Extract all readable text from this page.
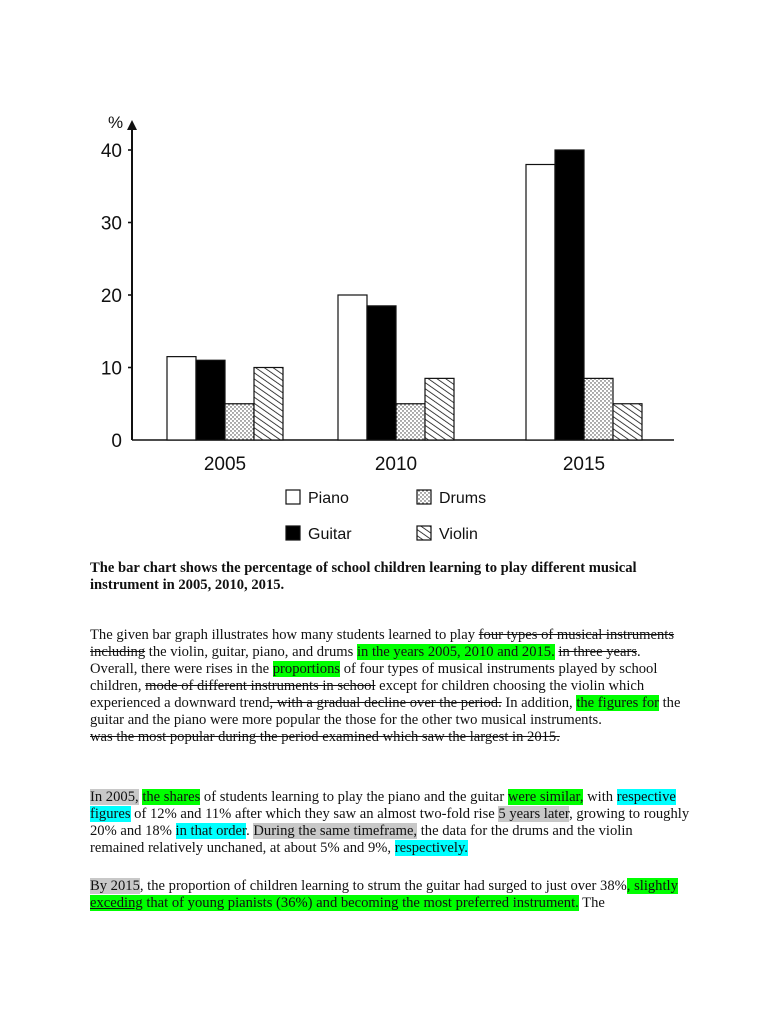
%
0
10
20
30
40
2005	2010	2015
Piano	Drums
Guitar	Violin
The bar chart shows the percentage of school children learning to play different musical instrument in 2005, 2010, 2015.

The given bar graph illustrates how many students learned to play four types of musical instruments including the violin, guitar, piano, and drums in the years 2005, 2010 and 2015. in three years. Overall, there were rises in the proportions of four types of musical instruments played by school children, mode of different instruments in school except for children choosing the violin which experienced a downward trend, with a gradual decline over the period. In addition, the figures for the guitar and the piano were more popular the those for the other two musical instruments.
was the most popular during the period examined which saw the largest in 2015.

In 2005, the shares of students learning to play the piano and the guitar were similar, with respective figures of 12% and 11% after which they saw an almost two-fold rise 5 years later, growing to roughly 20% and 18% in that order. During the same timeframe, the data for the drums and the violin remained relatively unchaned, at about 5% and 9%, respectively.

By 2015, the proportion of children learning to strum the guitar had surged to just over 38%, slightly exceding that of young pianists (36%) and becoming the most preferred instrument. The
